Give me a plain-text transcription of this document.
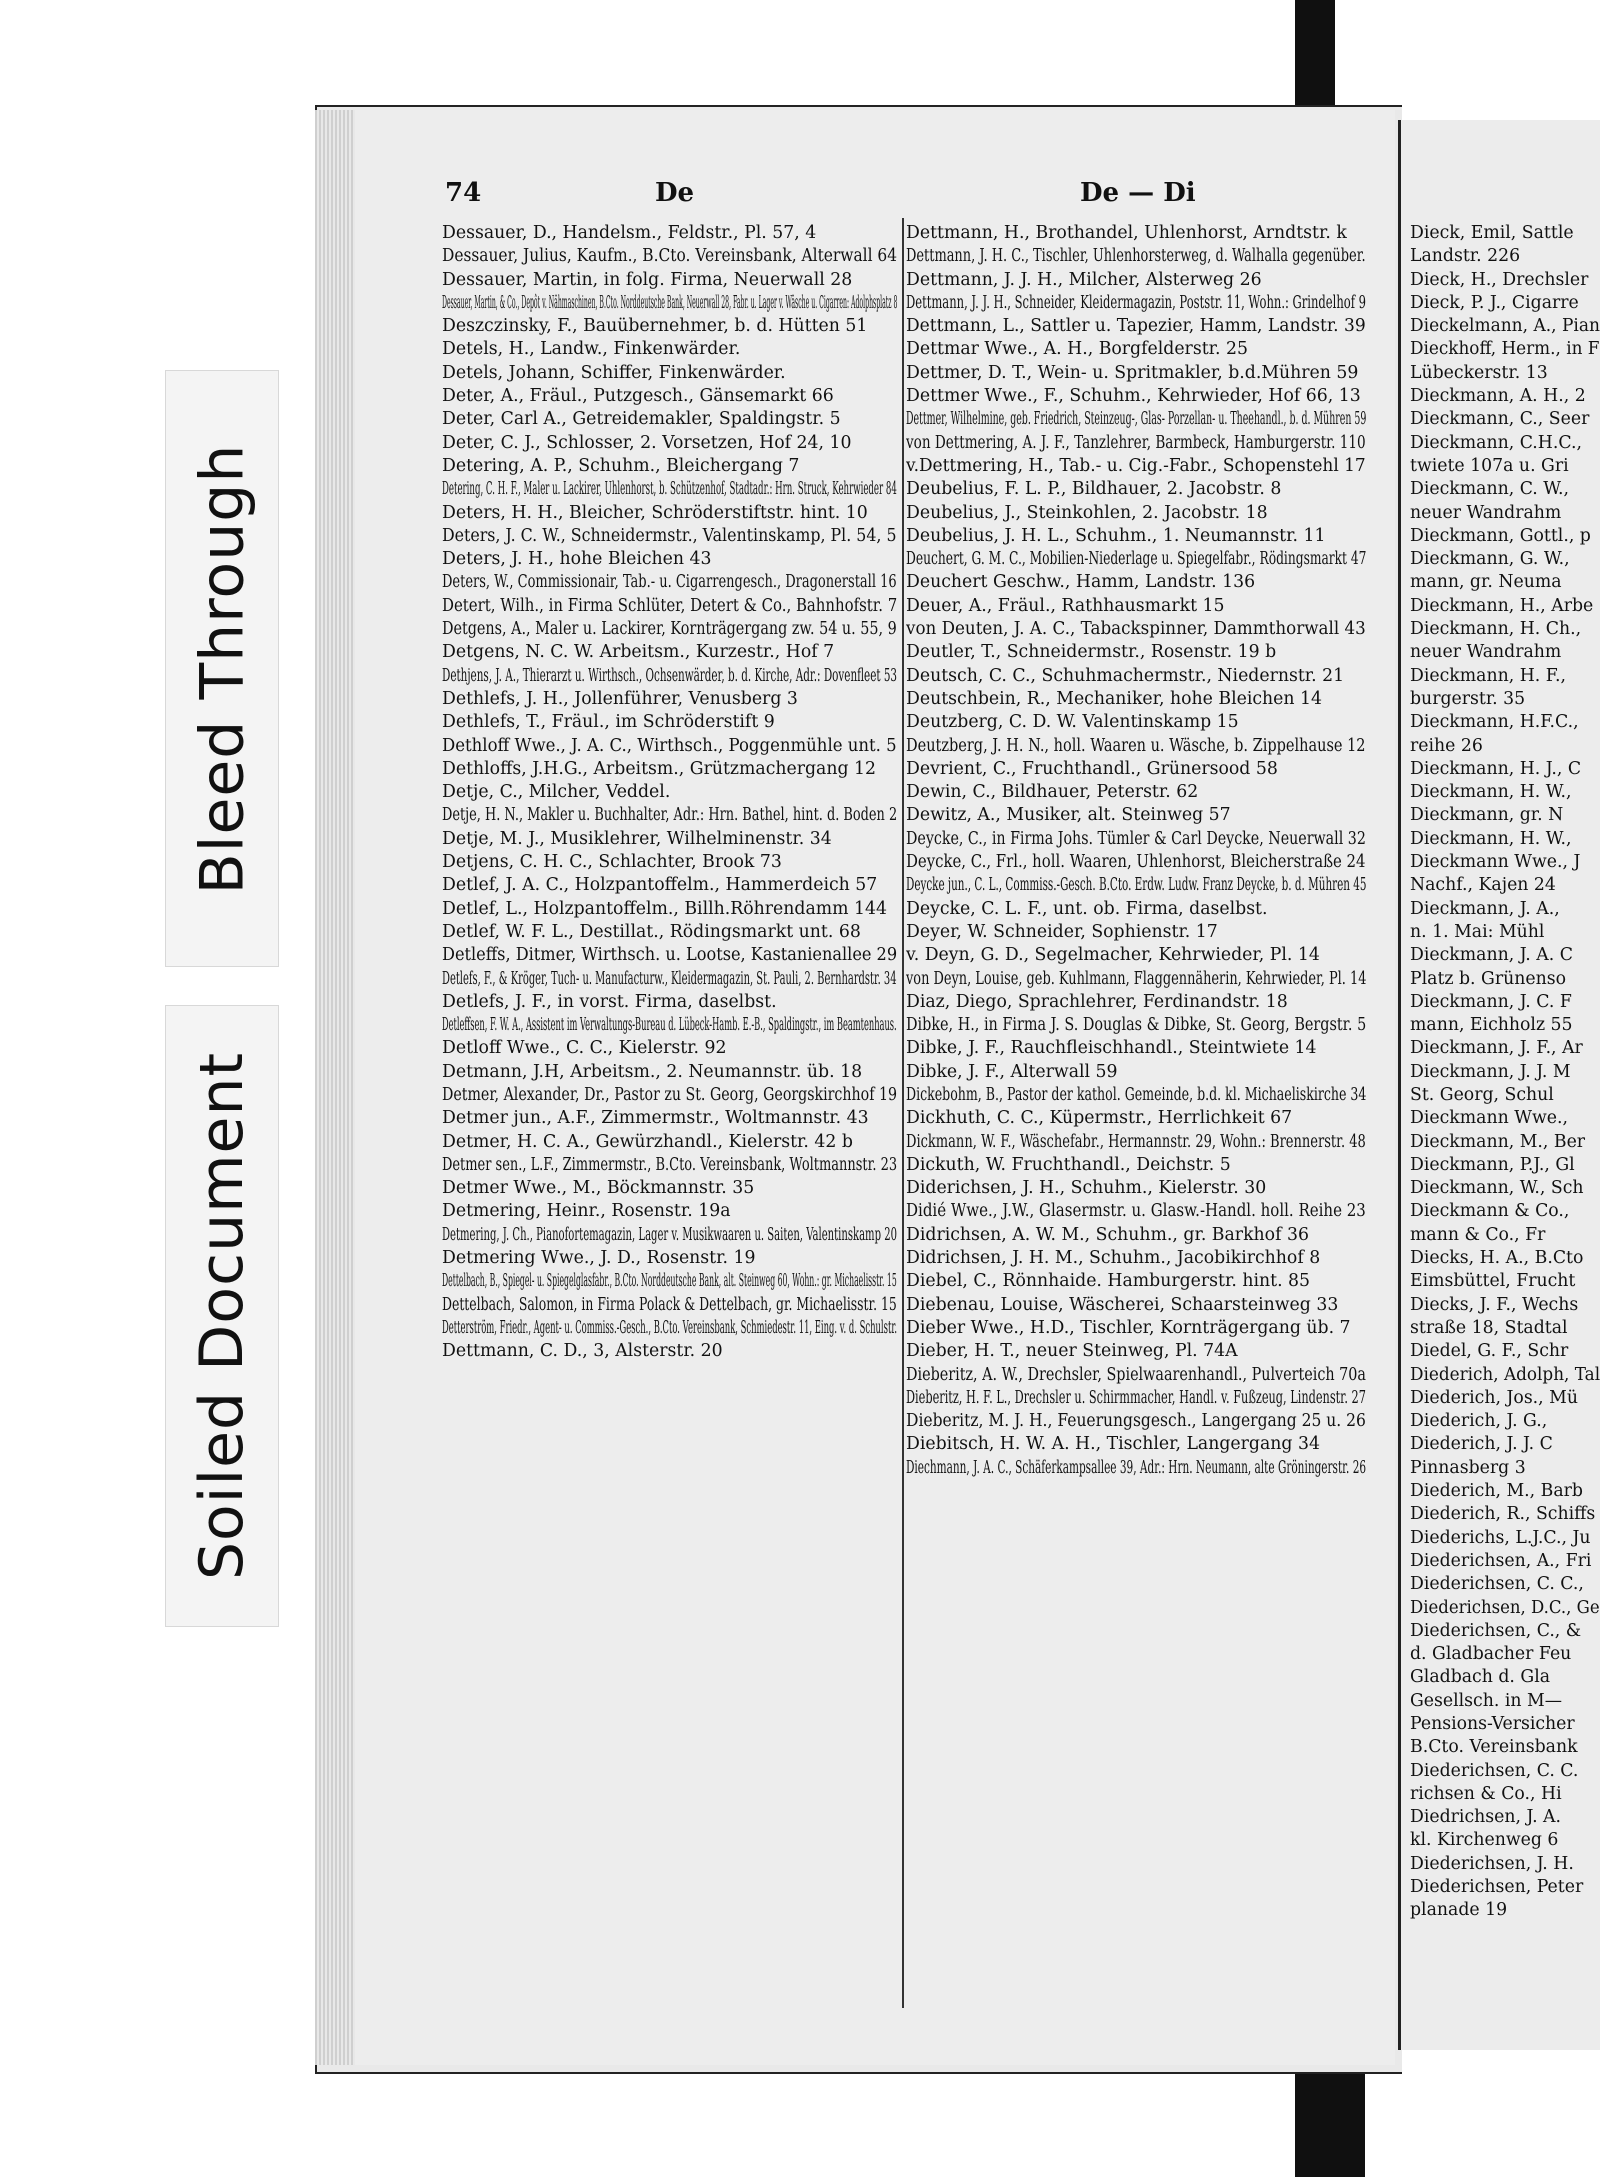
Bleed Through
Soiled Document
74	De	De — Di

Dessauer, D., Handelsm., Feldstr., Pl. 57, 4

Dessauer, Julius, Kaufm., B.Cto. Vereinsbank, Alterwall 64

Dessauer, Martin, in folg. Firma, Neuerwall 28

Dessauer, Martin, & Co., Depôt v. Nähmaschinen, B.Cto. Norddeutsche Bank, Neuerwall 28, Fabr. u. Lager v. Wäsche u. Cigarren: Adolphsplatz 8

Deszczinsky, F., Bauübernehmer, b. d. Hütten 51

Detels, H., Landw., Finkenwärder.

Detels, Johann, Schiffer, Finkenwärder.

Deter, A., Fräul., Putzgesch., Gänsemarkt 66

Deter, Carl A., Getreidemakler, Spaldingstr. 5

Deter, C. J., Schlosser, 2. Vorsetzen, Hof 24, 10

Detering, A. P., Schuhm., Bleichergang 7

Detering, C. H. F., Maler u. Lackirer, Uhlenhorst, b. Schützenhof, Stadtadr.: Hrn. Struck, Kehrwieder 84

Deters, H. H., Bleicher, Schröderstiftstr. hint. 10

Deters, J. C. W., Schneidermstr., Valentinskamp, Pl. 54, 5

Deters, J. H., hohe Bleichen 43

Deters, W., Commissionair, Tab.- u. Cigarrengesch., Dragonerstall 16

Detert, Wilh., in Firma Schlüter, Detert & Co., Bahnhofstr. 7

Detgens, A., Maler u. Lackirer, Kornträgergang zw. 54 u. 55, 9

Detgens, N. C. W. Arbeitsm., Kurzestr., Hof 7

Dethjens, J. A., Thierarzt u. Wirthsch., Ochsenwärder, b. d. Kirche, Adr.: Dovenfleet 53

Dethlefs, J. H., Jollenführer, Venusberg 3

Dethlefs, T., Fräul., im Schröderstift 9

Dethloff Wwe., J. A. C., Wirthsch., Poggenmühle unt. 5

Dethloffs, J.H.G., Arbeitsm., Grützmachergang 12

Detje, C., Milcher, Veddel.

Detje, H. N., Makler u. Buchhalter, Adr.: Hrn. Bathel, hint. d. Boden 2

Detje, M. J., Musiklehrer, Wilhelminenstr. 34

Detjens, C. H. C., Schlachter, Brook 73

Detlef, J. A. C., Holzpantoffelm., Hammerdeich 57

Detlef, L., Holzpantoffelm., Billh.Röhrendamm 144

Detlef, W. F. L., Destillat., Rödingsmarkt unt. 68

Detleffs, Ditmer, Wirthsch. u. Lootse, Kastanienallee 29

Detlefs, F., & Kröger, Tuch- u. Manufacturw., Kleidermagazin, St. Pauli, 2. Bernhardstr. 34

Detlefs, J. F., in vorst. Firma, daselbst.

Detleffsen, F. W. A., Assistent im Verwaltungs-Bureau d. Lübeck-Hamb. E.-B., Spaldingstr., im Beamtenhaus.

Detloff Wwe., C. C., Kielerstr. 92

Detmann, J.H, Arbeitsm., 2. Neumannstr. üb. 18

Detmer, Alexander, Dr., Pastor zu St. Georg, Georgskirchhof 19

Detmer jun., A.F., Zimmermstr., Woltmannstr. 43

Detmer, H. C. A., Gewürzhandl., Kielerstr. 42 b

Detmer sen., L.F., Zimmermstr., B.Cto. Vereinsbank, Woltmannstr. 23

Detmer Wwe., M., Böckmannstr. 35

Detmering, Heinr., Rosenstr. 19a

Detmering, J. Ch., Pianofortemagazin, Lager v. Musikwaaren u. Saiten, Valentinskamp 20

Detmering Wwe., J. D., Rosenstr. 19

Dettelbach, B., Spiegel- u. Spiegelglasfabr., B.Cto. Norddeutsche Bank, alt. Steinweg 60, Wohn.: gr. Michaelisstr. 15

Dettelbach, Salomon, in Firma Polack & Dettelbach, gr. Michaelisstr. 15

Detterström, Friedr., Agent- u. Commiss.-Gesch., B.Cto. Vereinsbank, Schmiedestr. 11, Eing. v. d. Schulstr.

Dettmann, C. D., 3, Alsterstr. 20

Dettmann, H., Brothandel, Uhlenhorst, Arndtstr. k

Dettmann, J. H. C., Tischler, Uhlenhorsterweg, d. Walhalla gegenüber.

Dettmann, J. J. H., Milcher, Alsterweg 26

Dettmann, J. J. H., Schneider, Kleidermagazin, Poststr. 11, Wohn.: Grindelhof 9

Dettmann, L., Sattler u. Tapezier, Hamm, Landstr. 39

Dettmar Wwe., A. H., Borgfelderstr. 25

Dettmer, D. T., Wein- u. Spritmakler, b.d.Mühren 59

Dettmer Wwe., F., Schuhm., Kehrwieder, Hof 66, 13

Dettmer, Wilhelmine, geb. Friedrich, Steinzeug-, Glas- Porzellan- u. Theehandl., b. d. Mühren 59

von Dettmering, A. J. F., Tanzlehrer, Barmbeck, Hamburgerstr. 110

v.Dettmering, H., Tab.- u. Cig.-Fabr., Schopenstehl 17

Deubelius, F. L. P., Bildhauer, 2. Jacobstr. 8

Deubelius, J., Steinkohlen, 2. Jacobstr. 18

Deubelius, J. H. L., Schuhm., 1. Neumannstr. 11

Deuchert, G. M. C., Mobilien-Niederlage u. Spiegelfabr., Rödingsmarkt 47

Deuchert Geschw., Hamm, Landstr. 136

Deuer, A., Fräul., Rathhausmarkt 15

von Deuten, J. A. C., Tabackspinner, Dammthorwall 43

Deutler, T., Schneidermstr., Rosenstr. 19 b

Deutsch, C. C., Schuhmachermstr., Niedernstr. 21

Deutschbein, R., Mechaniker, hohe Bleichen 14

Deutzberg, C. D. W. Valentinskamp 15

Deutzberg, J. H. N., holl. Waaren u. Wäsche, b. Zippelhause 12

Devrient, C., Fruchthandl., Grünersood 58

Dewin, C., Bildhauer, Peterstr. 62

Dewitz, A., Musiker, alt. Steinweg 57

Deycke, C., in Firma Johs. Tümler & Carl Deycke, Neuerwall 32

Deycke, C., Frl., holl. Waaren, Uhlenhorst, Bleicherstraße 24

Deycke jun., C. L., Commiss.-Gesch. B.Cto. Erdw. Ludw. Franz Deycke, b. d. Mühren 45

Deycke, C. L. F., unt. ob. Firma, daselbst.

Deyer, W. Schneider, Sophienstr. 17

v. Deyn, G. D., Segelmacher, Kehrwieder, Pl. 14

von Deyn, Louise, geb. Kuhlmann, Flaggennäherin, Kehrwieder, Pl. 14

Diaz, Diego, Sprachlehrer, Ferdinandstr. 18

Dibke, H., in Firma J. S. Douglas & Dibke, St. Georg, Bergstr. 5

Dibke, J. F., Rauchfleischhandl., Steintwiete 14

Dibke, J. F., Alterwall 59

Dickebohm, B., Pastor der kathol. Gemeinde, b.d. kl. Michaeliskirche 34

Dickhuth, C. C., Küpermstr., Herrlichkeit 67

Dickmann, W. F., Wäschefabr., Hermannstr. 29, Wohn.: Brennerstr. 48

Dickuth, W. Fruchthandl., Deichstr. 5

Diderichsen, J. H., Schuhm., Kielerstr. 30

Didié Wwe., J.W., Glasermstr. u. Glasw.-Handl. holl. Reihe 23

Didrichsen, A. W. M., Schuhm., gr. Barkhof 36

Didrichsen, J. H. M., Schuhm., Jacobikirchhof 8

Diebel, C., Rönnhaide. Hamburgerstr. hint. 85

Diebenau, Louise, Wäscherei, Schaarsteinweg 33

Dieber Wwe., H.D., Tischler, Kornträgergang üb. 7

Dieber, H. T., neuer Steinweg, Pl. 74A

Dieberitz, A. W., Drechsler, Spielwaarenhandl., Pulverteich 70a

Dieberitz, H. F. L., Drechsler u. Schirmmacher, Handl. v. Fußzeug, Lindenstr. 27

Dieberitz, M. J. H., Feuerungsgesch., Langergang 25 u. 26

Diebitsch, H. W. A. H., Tischler, Langergang 34

Diechmann, J. A. C., Schäferkampsallee 39, Adr.: Hrn. Neumann, alte Gröningerstr. 26

Dieck, Emil, Sattle

Landstr. 226

Dieck, H., Drechsler

Dieck, P. J., Cigarre

Dieckelmann, A., Pian

Dieckhoff, Herm., in F

Lübeckerstr. 13

Dieckmann, A. H., 2

Dieckmann, C., Seer

Dieckmann, C.H.C.,

twiete 107a u. Gri

Dieckmann, C. W.,

neuer Wandrahm

Dieckmann, Gottl., p

Dieckmann, G. W.,

mann, gr. Neuma

Dieckmann, H., Arbe

Dieckmann, H. Ch.,

neuer Wandrahm

Dieckmann, H. F.,

burgerstr. 35

Dieckmann, H.F.C.,

reihe 26

Dieckmann, H. J., C

Dieckmann, H. W.,

Dieckmann, gr. N

Dieckmann, H. W.,

Dieckmann Wwe., J

Nachf., Kajen 24

Dieckmann, J. A.,

n. 1. Mai: Mühl

Dieckmann, J. A. C

Platz b. Grünenso

Dieckmann, J. C. F

mann, Eichholz 55

Dieckmann, J. F., Ar

Dieckmann, J. J. M

St. Georg, Schul

Dieckmann Wwe.,

Dieckmann, M., Ber

Dieckmann, P.J., Gl

Dieckmann, W., Sch

Dieckmann & Co.,

mann & Co., Fr

Diecks, H. A., B.Cto

Eimsbüttel, Frucht

Diecks, J. F., Wechs

straße 18, Stadtal

Diedel, G. F., Schr

Diederich, Adolph, Tal

Diederich, Jos., Mü

Diederich, J. G.,

Diederich, J. J. C

Pinnasberg 3

Diederich, M., Barb

Diederich, R., Schiffs

Diederichs, L.J.C., Ju

Diederichsen, A., Fri

Diederichsen, C. C.,

Diederichsen, D.C., Ge

Diederichsen, C., &

d. Gladbacher Feu

Gladbach d. Gla

Gesellsch. in M—

Pensions-Versicher

B.Cto. Vereinsbank

Diederichsen, C. C.

richsen & Co., Hi

Diedrichsen, J. A.

kl. Kirchenweg 6

Diederichsen, J. H.

Diederichsen, Peter

planade 19
